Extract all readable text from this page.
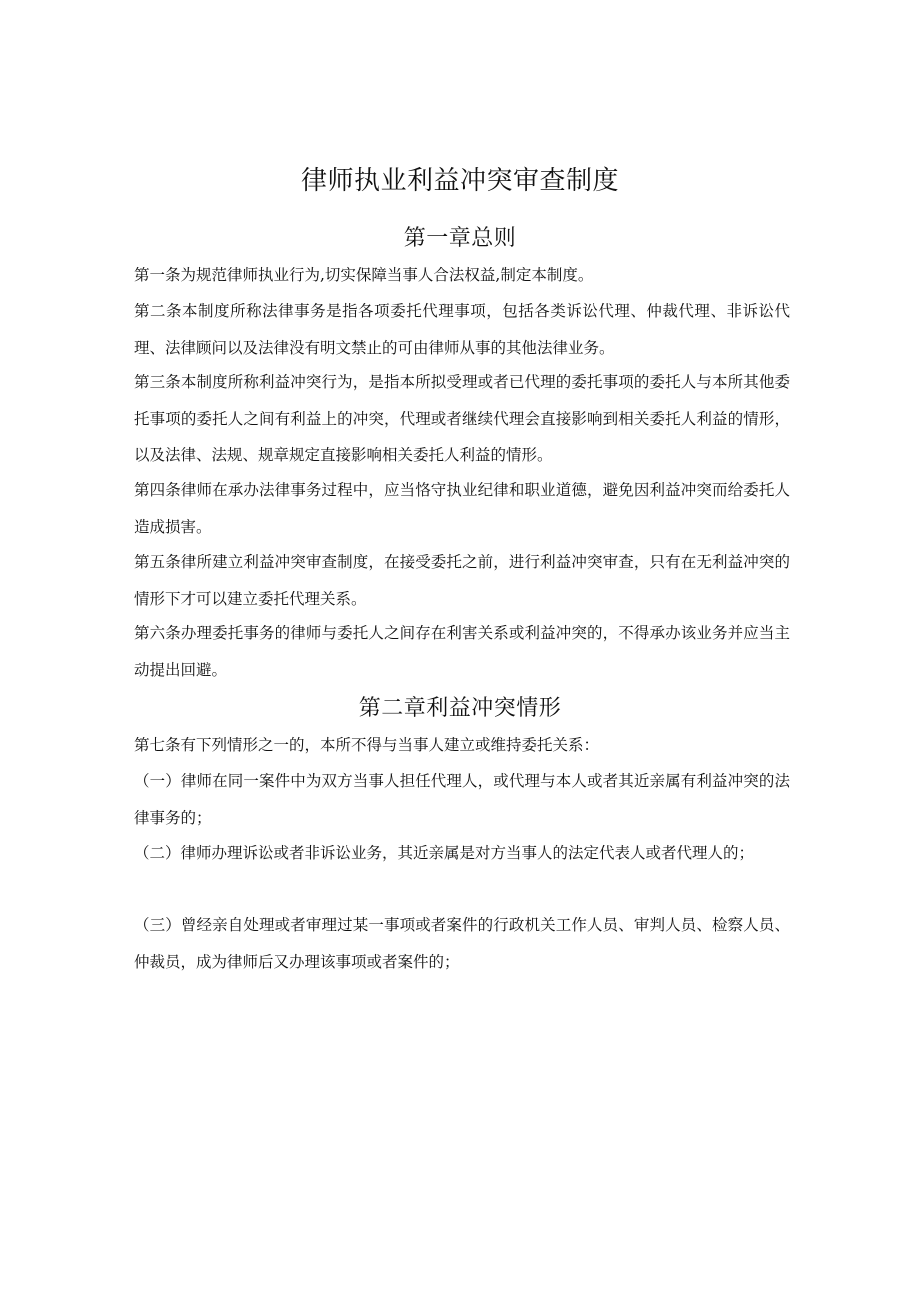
律师执业利益冲突审查制度
第一章总则

第一条为规范律师执业行为,切实保障当事人合法权益,制定本制度。

第二条本制度所称法律事务是指各项委托代理事项，包括各类诉讼代理、仲裁代理、非诉讼代理、法律顾问以及法律没有明文禁止的可由律师从事的其他法律业务。

第三条本制度所称利益冲突行为，是指本所拟受理或者已代理的委托事项的委托人与本所其他委托事项的委托人之间有利益上的冲突，代理或者继续代理会直接影响到相关委托人利益的情形，以及法律、法规、规章规定直接影响相关委托人利益的情形。

第四条律师在承办法律事务过程中，应当恪守执业纪律和职业道德，避免因利益冲突而给委托人造成损害。

第五条律所建立利益冲突审查制度，在接受委托之前，进行利益冲突审查，只有在无利益冲突的情形下才可以建立委托代理关系。

第六条办理委托事务的律师与委托人之间存在利害关系或利益冲突的，不得承办该业务并应当主动提出回避。

第二章利益冲突情形

第七条有下列情形之一的，本所不得与当事人建立或维持委托关系：

（一）律师在同一案件中为双方当事人担任代理人，或代理与本人或者其近亲属有利益冲突的法律事务的；

（二）律师办理诉讼或者非诉讼业务，其近亲属是对方当事人的法定代表人或者代理人的；

（三）曾经亲自处理或者审理过某一事项或者案件的行政机关工作人员、审判人员、检察人员、仲裁员，成为律师后又办理该事项或者案件的；
